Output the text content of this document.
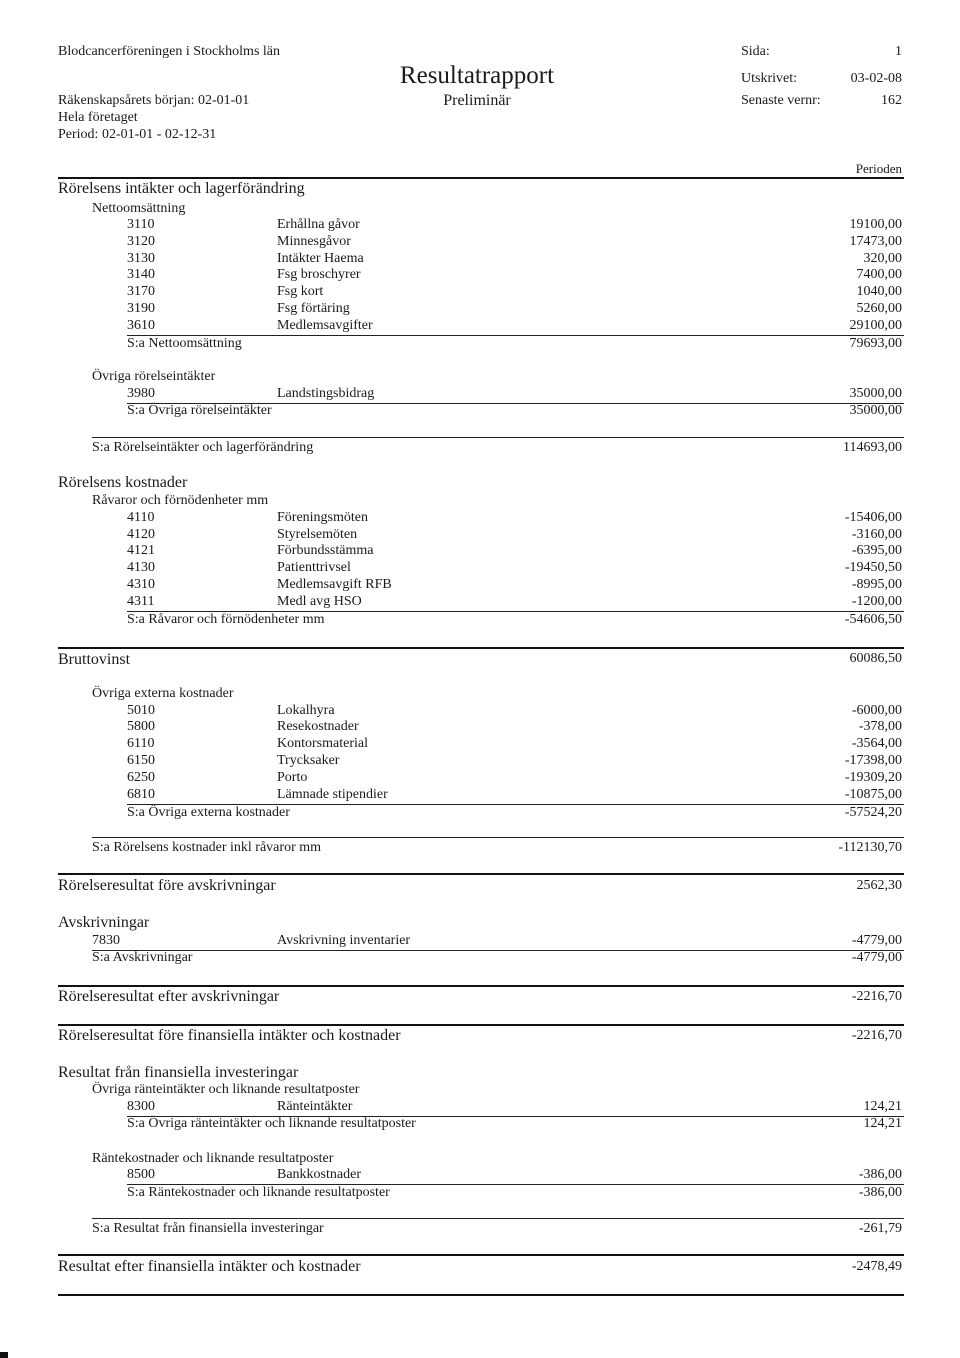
Blodcancerföreningen i Stockholms län
Räkenskapsårets början: 02-01-01
Hela företaget
Period: 02-01-01 - 02-12-31
Resultatrapport
Preliminär
Sida:	1
Utskrivet:	03-02-08
Senaste vernr:	162
Perioden
Rörelsens intäkter och lagerförändring
Nettoomsättning
3110	Erhållna gåvor	19100,00
3120	Minnesgåvor	17473,00
3130	Intäkter Haema	320,00
3140	Fsg broschyrer	7400,00
3170	Fsg kort	1040,00
3190	Fsg förtäring	5260,00
3610	Medlemsavgifter	29100,00
S:a Nettoomsättning	79693,00
Övriga rörelseintäkter
3980	Landstingsbidrag	35000,00
S:a Övriga rörelseintäkter	35000,00
S:a Rörelseintäkter och lagerförändring	114693,00
Rörelsens kostnader
Råvaror och förnödenheter mm
4110	Föreningsmöten	-15406,00
4120	Styrelsemöten	-3160,00
4121	Förbundsstämma	-6395,00
4130	Patienttrivsel	-19450,50
4310	Medlemsavgift RFB	-8995,00
4311	Medl avg HSO	-1200,00
S:a Råvaror och förnödenheter mm	-54606,50
Bruttovinst	60086,50
Övriga externa kostnader
5010	Lokalhyra	-6000,00
5800	Resekostnader	-378,00
6110	Kontorsmaterial	-3564,00
6150	Trycksaker	-17398,00
6250	Porto	-19309,20
6810	Lämnade stipendier	-10875,00
S:a Övriga externa kostnader	-57524,20
S:a Rörelsens kostnader inkl råvaror mm	-112130,70
Rörelseresultat före avskrivningar	2562,30
Avskrivningar
7830	Avskrivning inventarier	-4779,00
S:a Avskrivningar	-4779,00
Rörelseresultat efter avskrivningar	-2216,70
Rörelseresultat före finansiella intäkter och kostnader	-2216,70
Resultat från finansiella investeringar
Övriga ränteintäkter och liknande resultatposter
8300	Ränteintäkter	124,21
S:a Övriga ränteintäkter och liknande resultatposter	124,21
Räntekostnader och liknande resultatposter
8500	Bankkostnader	-386,00
S:a Räntekostnader och liknande resultatposter	-386,00
S:a Resultat från finansiella investeringar	-261,79
Resultat efter finansiella intäkter och kostnader	-2478,49
